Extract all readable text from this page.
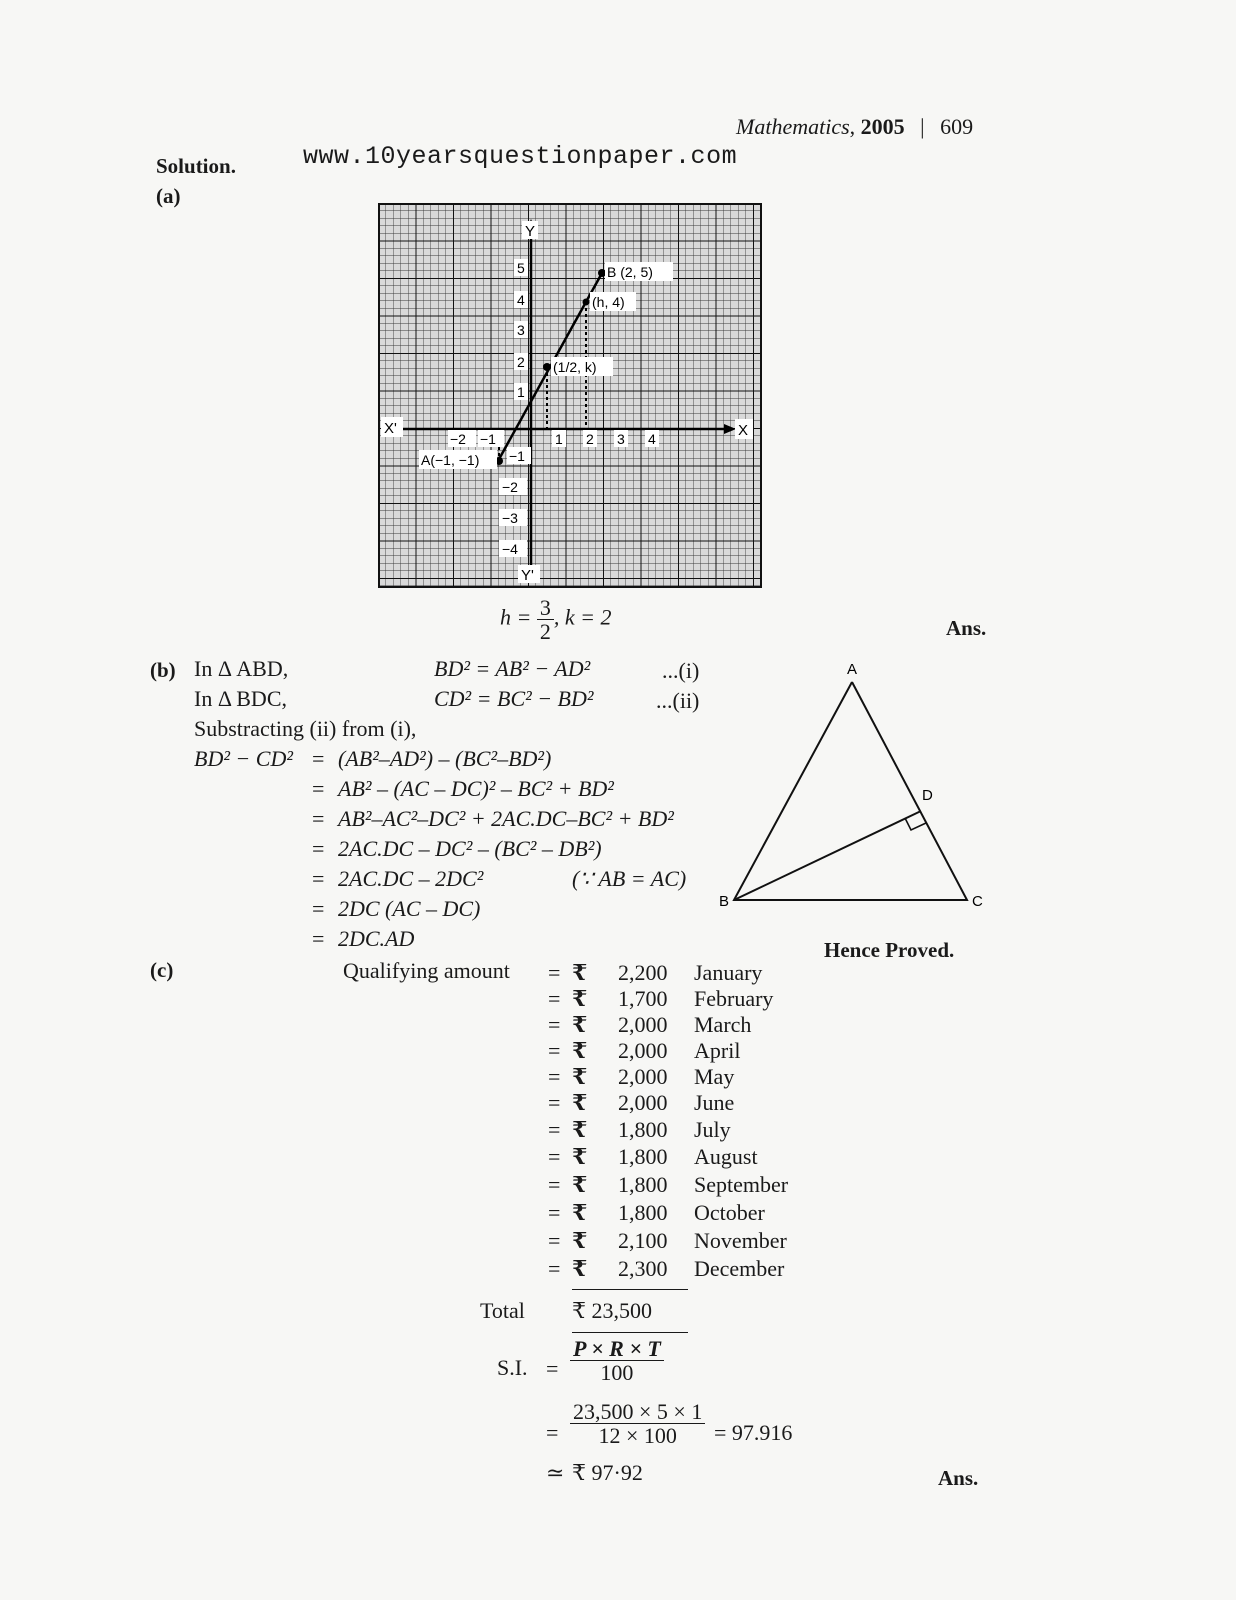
Mathematics, 2005 | 609
www.10yearsquestionpaper.com
Solution.
(a)
Y
Y'
X
X'
5
4
3
2
1
−1
−2
−3
−4
−2 −1	1 2 3 4
B (2, 5)
(h, 4)
(1/2, k)
A(−1, −1)
$h = \frac{3}{2}$ , k = 2	Ans.
(b) In Δ ABD,	BD² = AB² − AD²	...(i)
In Δ BDC,	CD² = BC² − BD²	...(ii)
Substracting (ii) from (i),
BD² − CD² = (AB²–AD²) – (BC²–BD²)
= AB² – (AC – DC)² – BC² + BD²
= AB²–AC²–DC² + 2AC.DC–BC² + BD²
= 2AC.DC – DC² – (BC² – DB²)
= 2AC.DC – 2DC²	(∵ AB = AC)
= 2DC (AC – DC)
= 2DC.AD
A
B	C
D
Hence Proved.
(c)	Qualifying amount = ₹ 2,200 January
= ₹ 1,700 February
= ₹ 2,000 March
= ₹ 2,000 April
= ₹ 2,000 May
= ₹ 2,000 June
= ₹ 1,800 July
= ₹ 1,800 August
= ₹ 1,800 September
= ₹ 1,800 October
= ₹ 2,100 November
= ₹ 2,300 December
Total ₹ 23,500
S.I. = $\frac{P \times R \times T}{100}$
= $\frac{23,500 \times 5 \times 1}{12 \times 100} = 97.916$
≃ ₹ 97·92	Ans.
